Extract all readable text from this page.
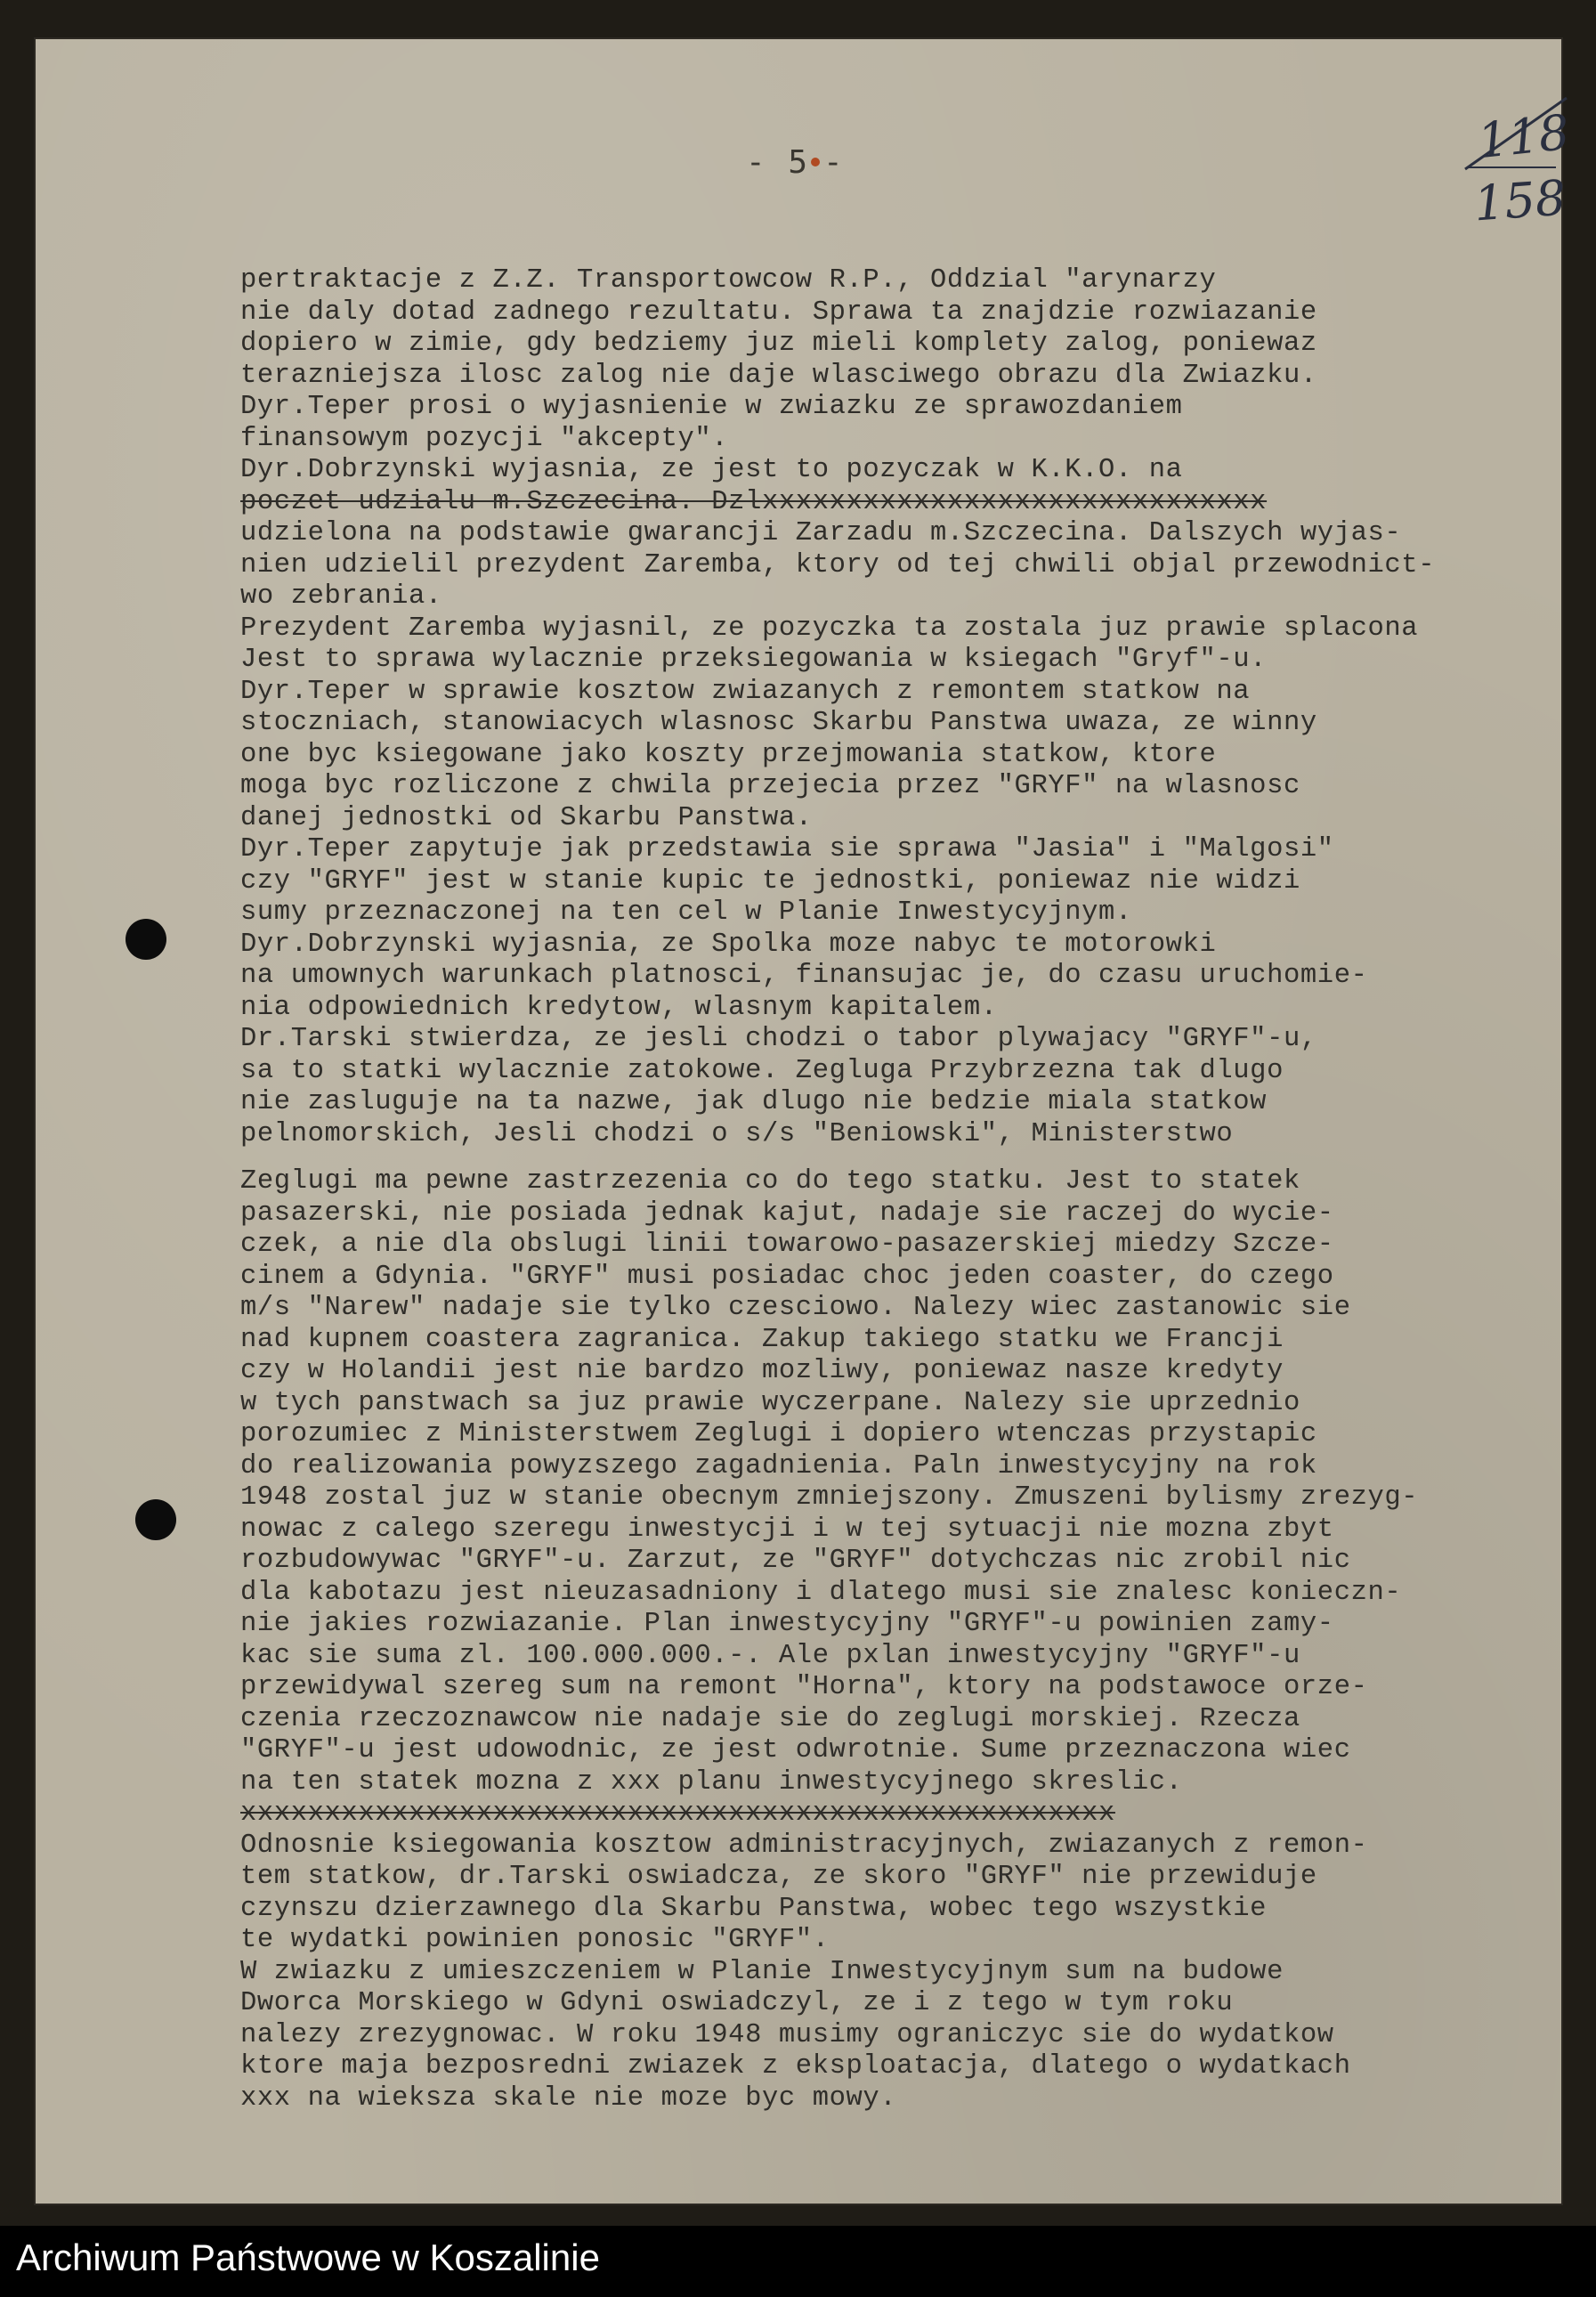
- 5 -	118
158
pertraktacje z Z.Z. Transportowcow R.P., Oddzial "arynarzy
nie daly dotad zadnego rezultatu. Sprawa ta znajdzie rozwiazanie
dopiero w zimie, gdy bedziemy juz mieli komplety zalog, poniewaz
terazniejsza ilosc zalog nie daje wlasciwego obrazu dla Zwiazku.
Dyr.Teper prosi o wyjasnienie w zwiazku ze sprawozdaniem
finansowym pozycji "akcepty".
Dyr.Dobrzynski wyjasnia, ze jest to pozyczak w K.K.O. na
poczet udzialu m.Szczecina. Dzlxxxxxxxxxxxxxxxxxxxxxxxxxxxxxx
udzielona na podstawie gwarancji Zarzadu m.Szczecina. Dalszych wyjas-
nien udzielil prezydent Zaremba, ktory od tej chwili objal przewodnict-
wo zebrania.
Prezydent Zaremba wyjasnil, ze pozyczka ta zostala juz prawie splacona
Jest to sprawa wylacznie przeksiegowania w ksiegach "Gryf"-u.
Dyr.Teper w sprawie kosztow zwiazanych z remontem statkow na
stoczniach, stanowiacych wlasnosc Skarbu Panstwa uwaza, ze winny
one byc ksiegowane jako koszty przejmowania statkow, ktore
moga byc rozliczone z chwila przejecia przez "GRYF" na wlasnosc
danej jednostki od Skarbu Panstwa.
Dyr.Teper zapytuje jak przedstawia sie sprawa "Jasia" i "Malgosi"
czy "GRYF" jest w stanie kupic te jednostki, poniewaz nie widzi
sumy przeznaczonej na ten cel w Planie Inwestycyjnym.
Dyr.Dobrzynski wyjasnia, ze Spolka moze nabyc te motorowki
na umownych warunkach platnosci, finansujac je, do czasu uruchomie-
nia odpowiednich kredytow, wlasnym kapitalem.
Dr.Tarski stwierdza, ze jesli chodzi o tabor plywajacy "GRYF"-u,
sa to statki wylacznie zatokowe. Zegluga Przybrzezna tak dlugo
nie zasluguje na ta nazwe, jak dlugo nie bedzie miala statkow
pelnomorskich, Jesli chodzi o s/s "Beniowski", Ministerstwo
Zeglugi ma pewne zastrzezenia co do tego statku. Jest to statek
pasazerski, nie posiada jednak kajut, nadaje sie raczej do wycie-
czek, a nie dla obslugi linii towarowo-pasazerskiej miedzy Szcze-
cinem a Gdynia. "GRYF" musi posiadac choc jeden coaster, do czego
m/s "Narew" nadaje sie tylko czesciowo. Nalezy wiec zastanowic sie
nad kupnem coastera zagranica. Zakup takiego statku we Francji
czy w Holandii jest nie bardzo mozliwy, poniewaz nasze kredyty
w tych panstwach sa juz prawie wyczerpane. Nalezy sie uprzednio
porozumiec z Ministerstwem Zeglugi i dopiero wtenczas przystapic
do realizowania powyzszego zagadnienia. Paln inwestycyjny na rok
1948 zostal juz w stanie obecnym zmniejszony. Zmuszeni bylismy zrezyg-
nowac z calego szeregu inwestycji i w tej sytuacji nie mozna zbyt
rozbudowywac "GRYF"-u. Zarzut, ze "GRYF" dotychczas nic zrobil nic
dla kabotazu jest nieuzasadniony i dlatego musi sie znalesc konieczn-
nie jakies rozwiazanie. Plan inwestycyjny "GRYF"-u powinien zamy-
kac sie suma zl. 100.000.000.-. Ale pxlan inwestycyjny "GRYF"-u
przewidywal szereg sum na remont "Horna", ktory na podstawoce orze-
czenia rzeczoznawcow nie nadaje sie do zeglugi morskiej. Rzecza
"GRYF"-u jest udowodnic, ze jest odwrotnie. Sume przeznaczona wiec
na ten statek mozna z xxx planu inwestycyjnego skreslic.
xxxxxxxxxxxxxxxxxxxxxxxxxxxxxxxxxxxxxxxxxxxxxxxxxxxx
Odnosnie ksiegowania kosztow administracyjnych, zwiazanych z remon-
tem statkow, dr.Tarski oswiadcza, ze skoro "GRYF" nie przewiduje
czynszu dzierzawnego dla Skarbu Panstwa, wobec tego wszystkie
te wydatki powinien ponosic "GRYF".
W zwiazku z umieszczeniem w Planie Inwestycyjnym sum na budowe
Dworca Morskiego w Gdyni oswiadczyl, ze i z tego w tym roku
nalezy zrezygnowac. W roku 1948 musimy ograniczyc sie do wydatkow
ktore maja bezposredni zwiazek z eksploatacja, dlatego o wydatkach
xxx na wieksza skale nie moze byc mowy.
Archiwum Państwowe w Koszalinie
